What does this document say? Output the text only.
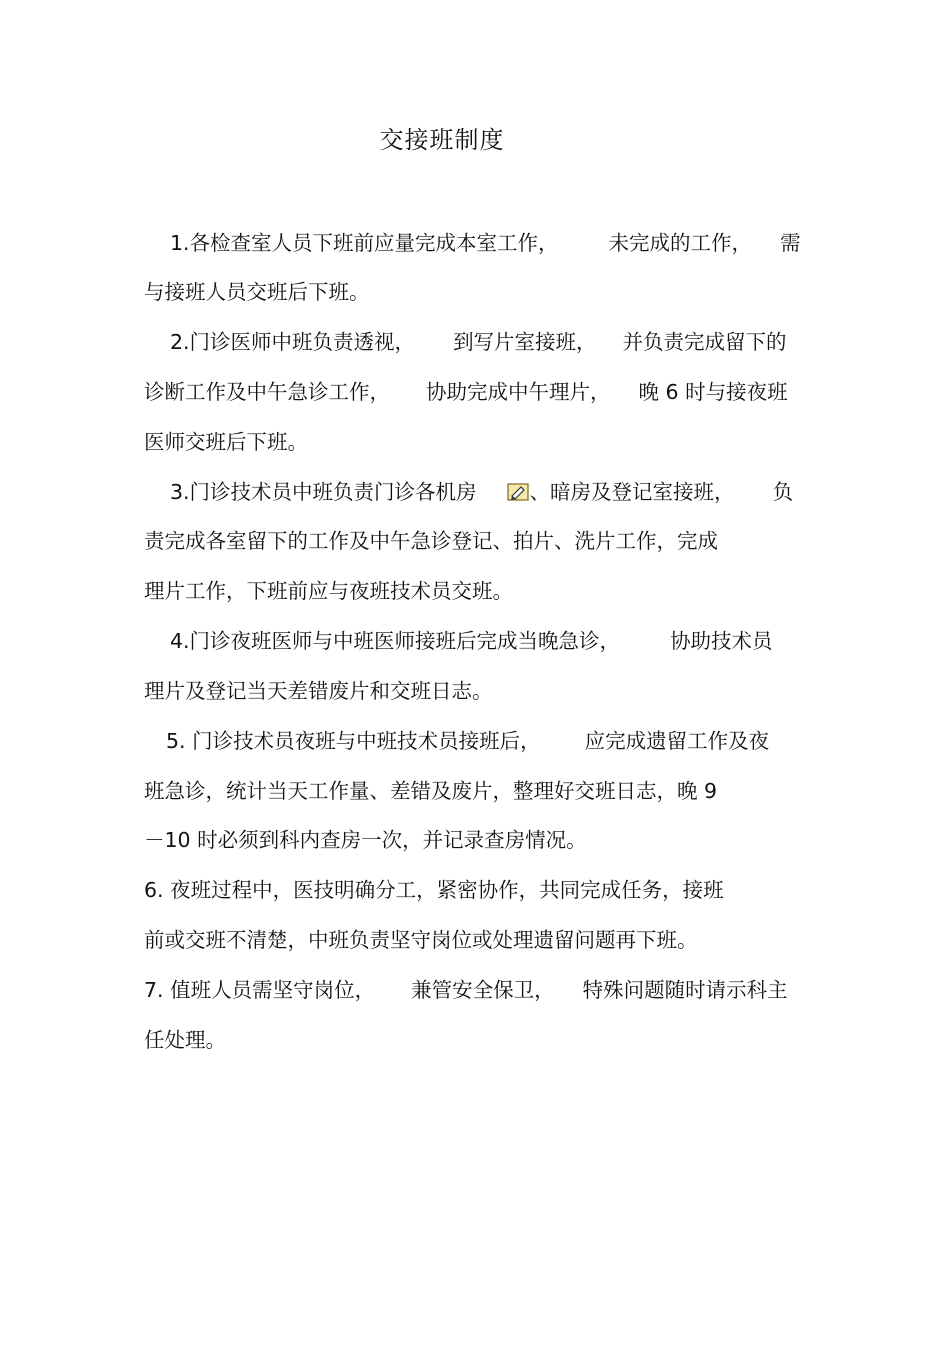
交接班制度
1.各检查室人员下班前应量完成本室工作， 未完成的工作， 需
与接班人员交班后下班。
2.门诊医师中班负责透视， 到写片室接班， 并负责完成留下的
诊断工作及中午急诊工作， 协助完成中午理片， 晚 6 时与接夜班
医师交班后下班。
3.门诊技术员中班负责门诊各机房	、暗房及登记室接班， 负
责完成各室留下的工作及中午急诊登记、拍片、洗片工作，完成
理片工作，下班前应与夜班技术员交班。
4.门诊夜班医师与中班医师接班后完成当晚急诊， 协助技术员
理片及登记当天差错废片和交班日志。
5. 门诊技术员夜班与中班技术员接班后， 应完成遗留工作及夜
班急诊，统计当天工作量、差错及废片，整理好交班日志，晚 9
－10 时必须到科内查房一次，并记录查房情况。
6. 夜班过程中，医技明确分工，紧密协作，共同完成任务，接班
前或交班不清楚，中班负责坚守岗位或处理遗留问题再下班。
7. 值班人员需坚守岗位， 兼管安全保卫， 特殊问题随时请示科主
任处理。
